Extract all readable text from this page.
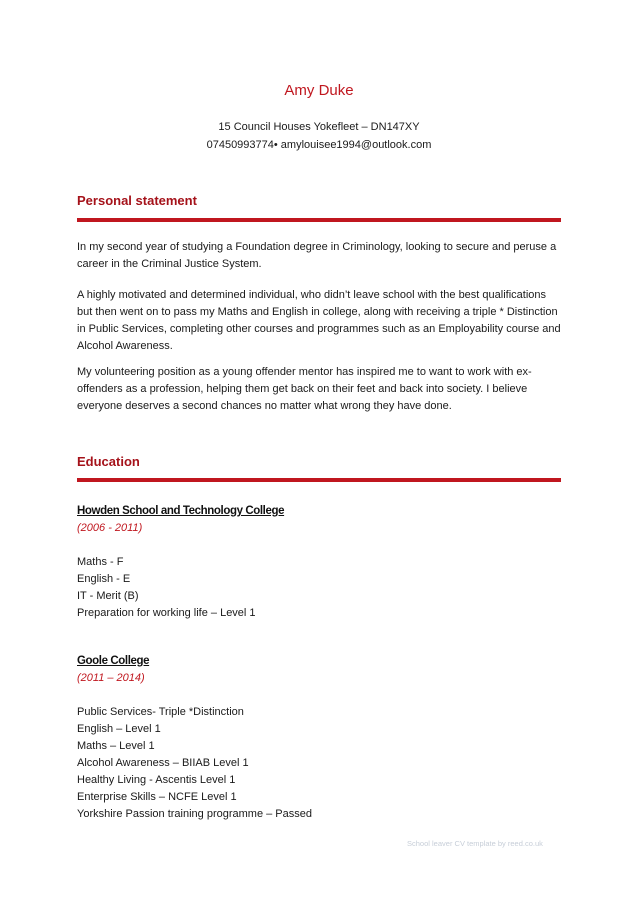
Amy Duke
15 Council Houses Yokefleet – DN147XY
07450993774• amylouisee1994@outlook.com
Personal statement

In my second year of studying a Foundation degree in Criminology, looking to secure and peruse a career in the Criminal Justice System.

A highly motivated and determined individual, who didn’t leave school with the best qualifications but then went on to pass my Maths and English in college, along with receiving a triple * Distinction in Public Services, completing other courses and programmes such as an Employability course and Alcohol Awareness.

My volunteering position as a young offender mentor has inspired me to want to work with ex-offenders as a profession, helping them get back on their feet and back into society. I believe everyone deserves a second chances no matter what wrong they have done.

Education
Howden School and Technology College
(2006 - 2011)
Maths - F
English - E
IT - Merit (B)
Preparation for working life – Level 1
Goole College
(2011 – 2014)
Public Services- Triple *Distinction
English – Level 1
Maths – Level 1
Alcohol Awareness – BIIAB Level 1
Healthy Living - Ascentis Level 1
Enterprise Skills – NCFE Level 1
Yorkshire Passion training programme – Passed
School leaver CV template by reed.co.uk
